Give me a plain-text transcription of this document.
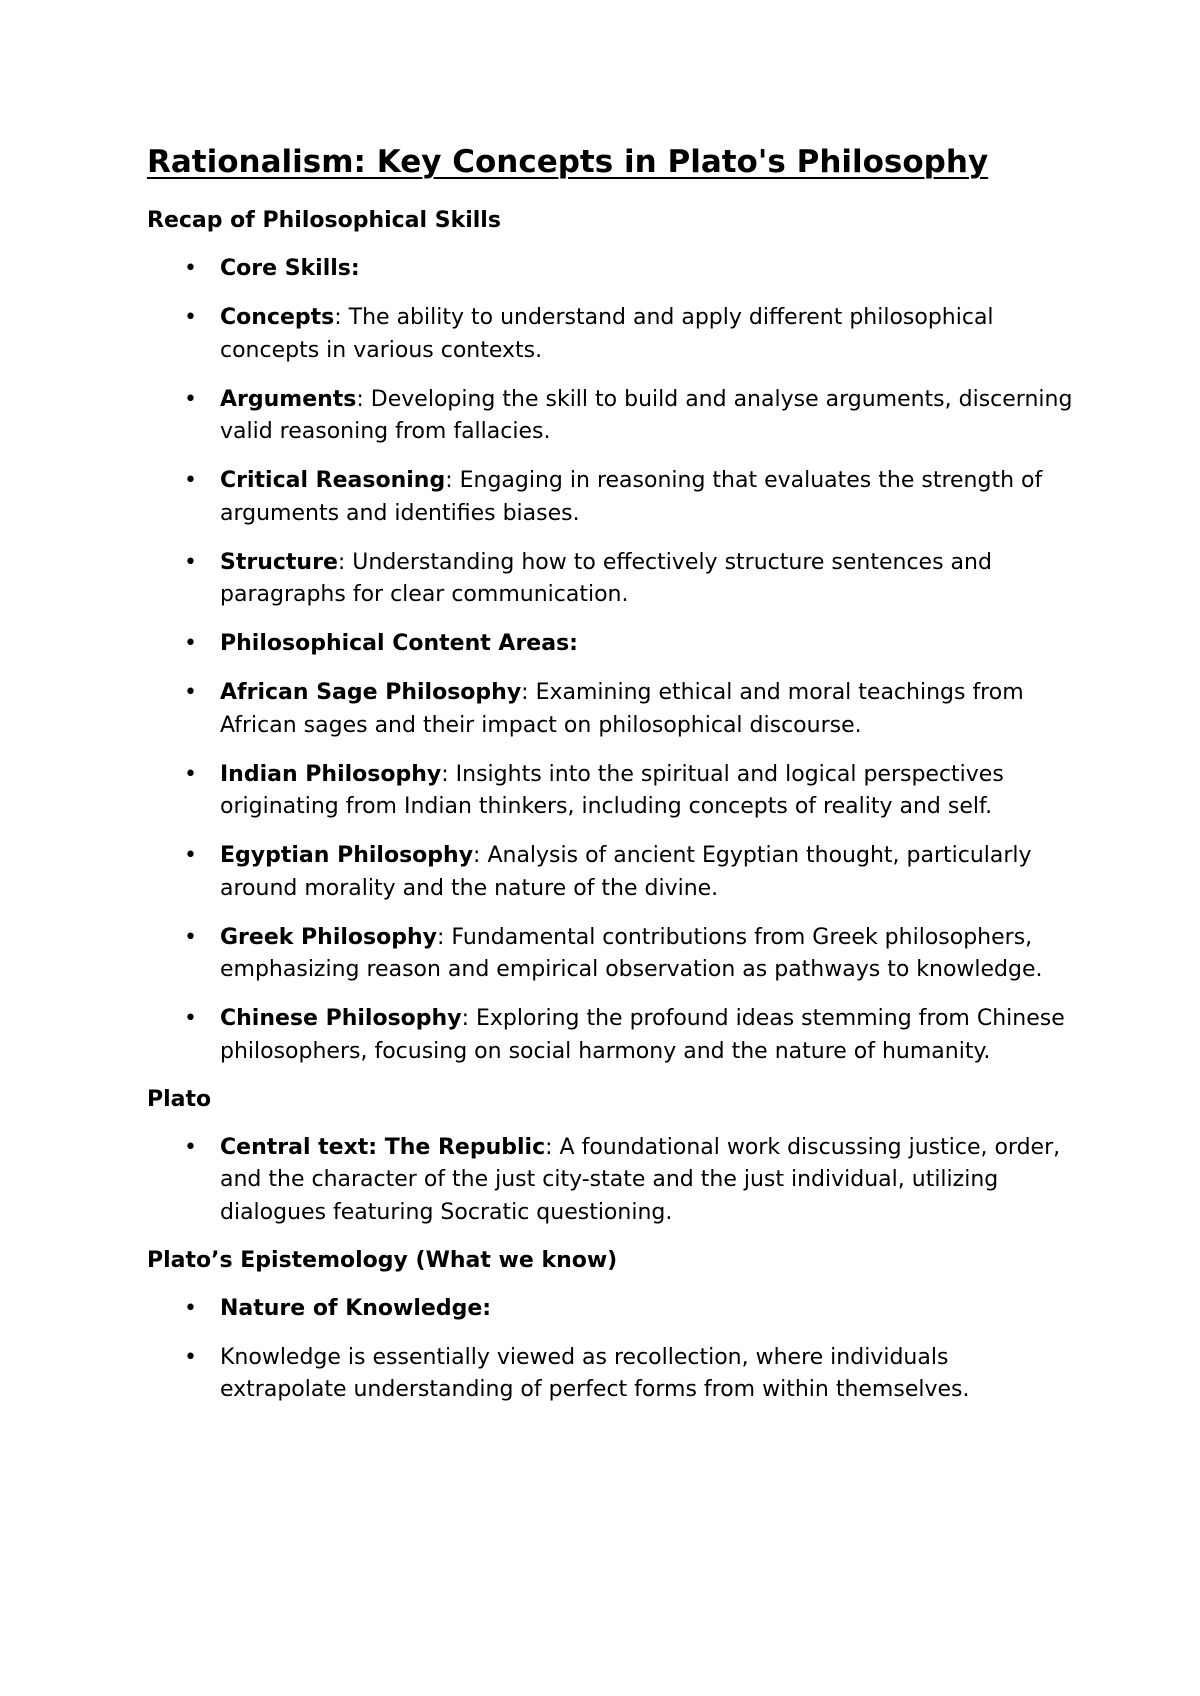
Rationalism: Key Concepts in Plato's Philosophy
Recap of Philosophical Skills
• Core Skills:
• Concepts: The ability to understand and apply different philosophical concepts in various contexts.
• Arguments: Developing the skill to build and analyse arguments, discerning valid reasoning from fallacies.
• Critical Reasoning: Engaging in reasoning that evaluates the strength of arguments and identifies biases.
• Structure: Understanding how to effectively structure sentences and paragraphs for clear communication.
• Philosophical Content Areas:
• African Sage Philosophy: Examining ethical and moral teachings from African sages and their impact on philosophical discourse.
• Indian Philosophy: Insights into the spiritual and logical perspectives originating from Indian thinkers, including concepts of reality and self.
• Egyptian Philosophy: Analysis of ancient Egyptian thought, particularly around morality and the nature of the divine.
• Greek Philosophy: Fundamental contributions from Greek philosophers, emphasizing reason and empirical observation as pathways to knowledge.
• Chinese Philosophy: Exploring the profound ideas stemming from Chinese philosophers, focusing on social harmony and the nature of humanity.
Plato
• Central text: The Republic: A foundational work discussing justice, order, and the character of the just city-state and the just individual, utilizing dialogues featuring Socratic questioning.
Plato’s Epistemology (What we know)
• Nature of Knowledge:
• Knowledge is essentially viewed as recollection, where individuals extrapolate understanding of perfect forms from within themselves.
